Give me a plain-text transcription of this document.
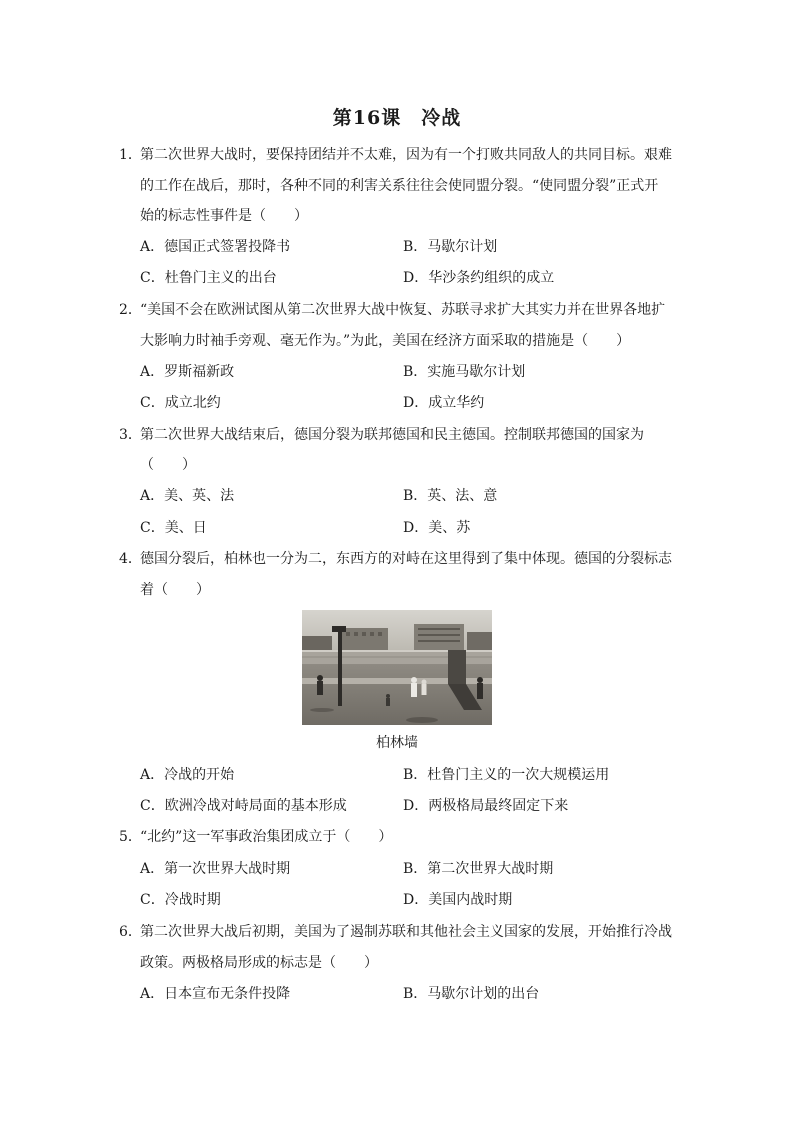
第16课　冷战
1．
第二次世界大战时，要保持团结并不太难，因为有一个打败共同敌人的共同目标。艰难
的工作在战后，那时，各种不同的利害关系往往会使同盟分裂。“使同盟分裂”正式开
始的标志性事件是（　　）
A．德国正式签署投降书	B．马歇尔计划
C．杜鲁门主义的出台	D．华沙条约组织的成立
2．
“美国不会在欧洲试图从第二次世界大战中恢复、苏联寻求扩大其实力并在世界各地扩
大影响力时袖手旁观、毫无作为。”为此，美国在经济方面采取的措施是（　　）
A．罗斯福新政	B．实施马歇尔计划
C．成立北约	D．成立华约
3．
第二次世界大战结束后，德国分裂为联邦德国和民主德国。控制联邦德国的国家为
（　　）
A．美、英、法	B．英、法、意
C．美、日	D．美、苏
4．
德国分裂后，柏林也一分为二，东西方的对峙在这里得到了集中体现。德国的分裂标志
着（　　）
柏林墙
A．冷战的开始	B．杜鲁门主义的一次大规模运用
C．欧洲冷战对峙局面的基本形成	D．两极格局最终固定下来
5．
“北约”这一军事政治集团成立于（　　）
A．第一次世界大战时期	B．第二次世界大战时期
C．冷战时期	D．美国内战时期
6．
第二次世界大战后初期，美国为了遏制苏联和其他社会主义国家的发展，开始推行冷战
政策。两极格局形成的标志是（　　）
A．日本宣布无条件投降	B．马歇尔计划的出台
